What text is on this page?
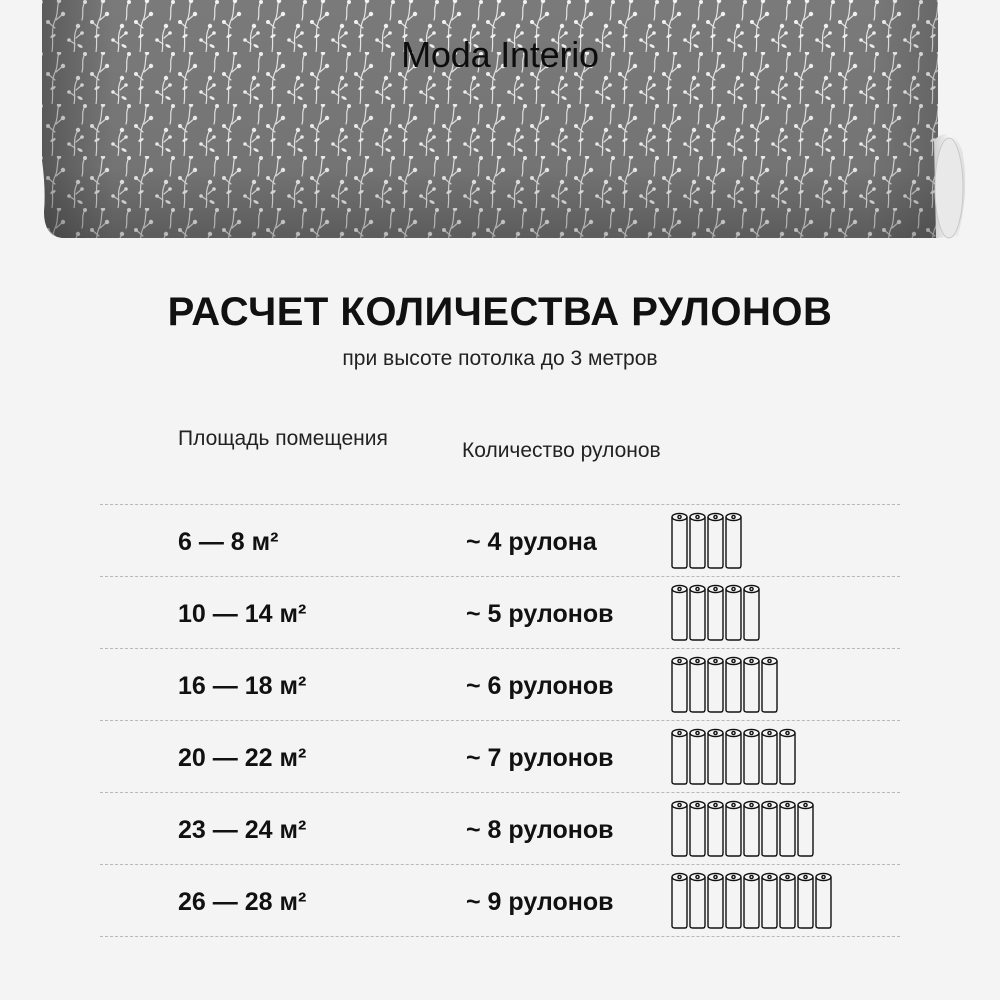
Moda Interio
РАСЧЕТ КОЛИЧЕСТВА РУЛОНОВ
при высоте потолка до 3 метров
Площадь помещения
Количество рулонов
6 — 8 м²	~ 4 рулона
10 — 14 м²	~ 5 рулонов
16 — 18 м²	~ 6 рулонов
20 — 22 м²	~ 7 рулонов
23 — 24 м²	~ 8 рулонов
26 — 28 м²	~ 9 рулонов
